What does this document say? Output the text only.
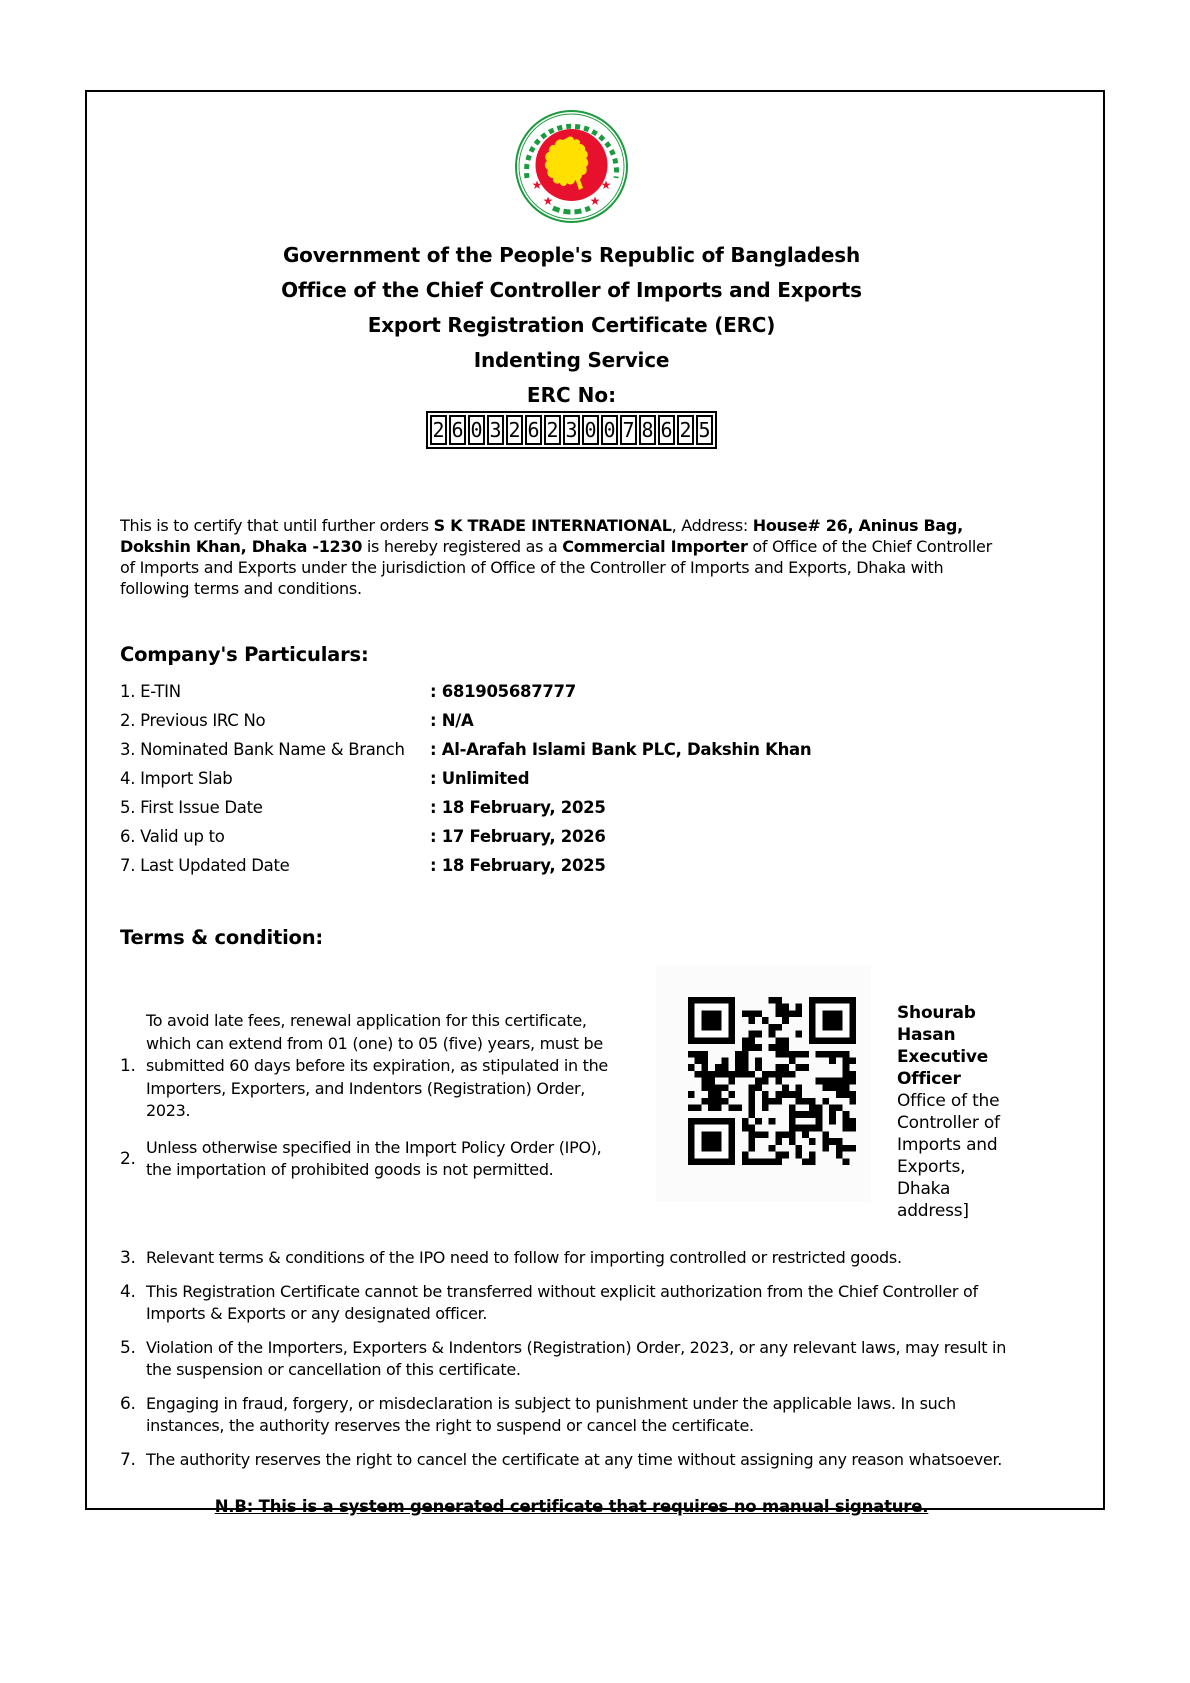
★
★	★
★
Government of the People's Republic of Bangladesh
Office of the Chief Controller of Imports and Exports
Export Registration Certificate (ERC)
Indenting Service
ERC No:
2 6 0 3 2 6 2 3 0 0 7 8 6 2 5

This is to certify that until further orders S K TRADE INTERNATIONAL, Address: House# 26, Aninus Bag, Dokshin Khan, Dhaka -1230 is hereby registered as a Commercial Importer of Office of the Chief Controller of Imports and Exports under the jurisdiction of Office of the Controller of Imports and Exports, Dhaka with following terms and conditions.

Company's Particulars:
1. E-TIN	: 681905687777
2. Previous IRC No	: N/A
3. Nominated Bank Name & Branch	: Al-Arafah Islami Bank PLC, Dakshin Khan
4. Import Slab	: Unlimited
5. First Issue Date	: 18 February, 2025
6. Valid up to	: 17 February, 2026
7. Last Updated Date	: 18 February, 2025
Terms & condition:
1.
To avoid late fees, renewal application for this certificate, which can extend from 01 (one) to 05 (five) years, must be submitted 60 days before its expiration, as stipulated in the Importers, Exporters, and Indentors (Registration) Order, 2023.
2.
Unless otherwise specified in the Import Policy Order (IPO), the importation of prohibited goods is not permitted.
Shourab Hasan Executive Officer
Office of the Controller of Imports and Exports, Dhaka address]
3. Relevant terms & conditions of the IPO need to follow for importing controlled or restricted goods.
4. This Registration Certificate cannot be transferred without explicit authorization from the Chief Controller of Imports & Exports or any designated officer.
5. Violation of the Importers, Exporters & Indentors (Registration) Order, 2023, or any relevant laws, may result in the suspension or cancellation of this certificate.
6. Engaging in fraud, forgery, or misdeclaration is subject to punishment under the applicable laws. In such instances, the authority reserves the right to suspend or cancel the certificate.
7. The authority reserves the right to cancel the certificate at any time without assigning any reason whatsoever.
N.B: This is a system generated certificate that requires no manual signature.
